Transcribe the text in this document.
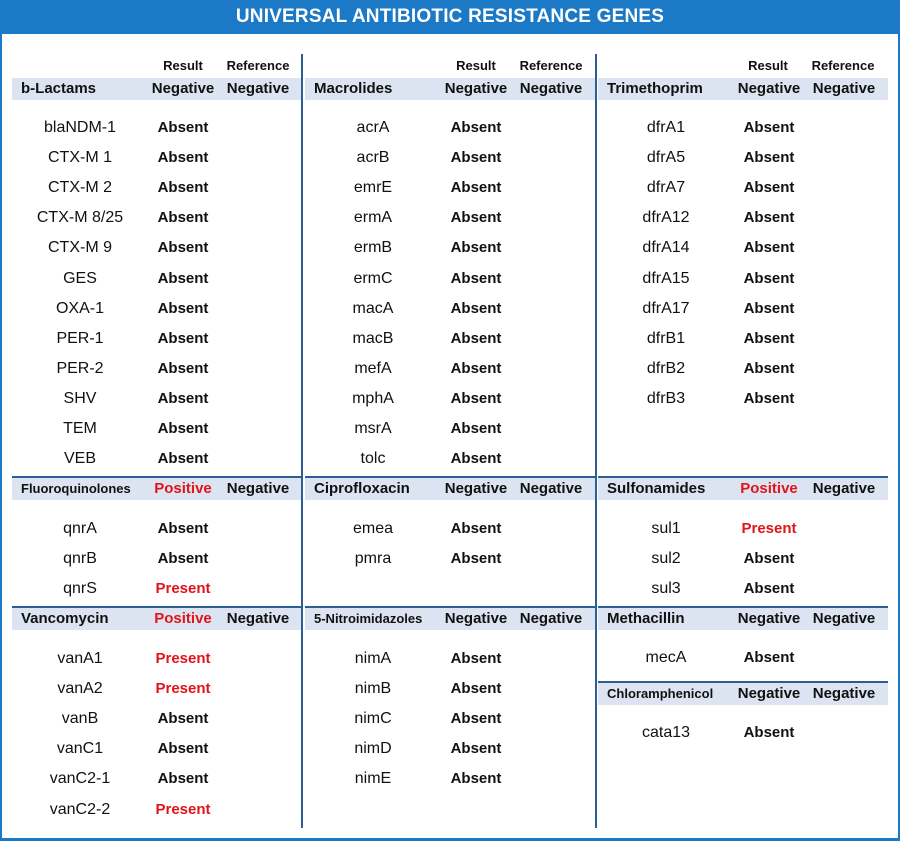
UNIVERSAL ANTIBIOTIC RESISTANCE GENES
Result	Reference	Result	Reference	Result	Reference
b-Lactams	Negative Negative
blaNDM-1	Absent
CTX-M 1	Absent
CTX-M 2	Absent
CTX-M 8/25	Absent
CTX-M 9	Absent
GES	Absent
OXA-1	Absent
PER-1	Absent
PER-2	Absent
SHV	Absent
TEM	Absent
VEB	Absent
Macrolides	Negative Negative
acrA	Absent
acrB	Absent
emrE	Absent
ermA	Absent
ermB	Absent
ermC	Absent
macA	Absent
macB	Absent
mefA	Absent
mphA	Absent
msrA	Absent
tolc	Absent
Trimethoprim	Negative Negative
dfrA1	Absent
dfrA5	Absent
dfrA7	Absent
dfrA12	Absent
dfrA14	Absent
dfrA15	Absent
dfrA17	Absent
dfrB1	Absent
dfrB2	Absent
dfrB3	Absent
Fluoroquinolones	Positive Negative
qnrA	Absent
qnrB	Absent
qnrS	Present
Ciprofloxacin	Negative Negative
emea	Absent
pmra	Absent
Sulfonamides	Positive Negative
sul1	Present
sul2	Absent
sul3	Absent
Vancomycin	Positive Negative
vanA1	Present
vanA2	Present
vanB	Absent
vanC1	Absent
vanC2-1	Absent
vanC2-2	Present
5-Nitroimidazoles	Negative Negative
nimA	Absent
nimB	Absent
nimC	Absent
nimD	Absent
nimE	Absent
Methacillin	Negative Negative
mecA	Absent
Chloramphenicol	Negative Negative
cata13	Absent
